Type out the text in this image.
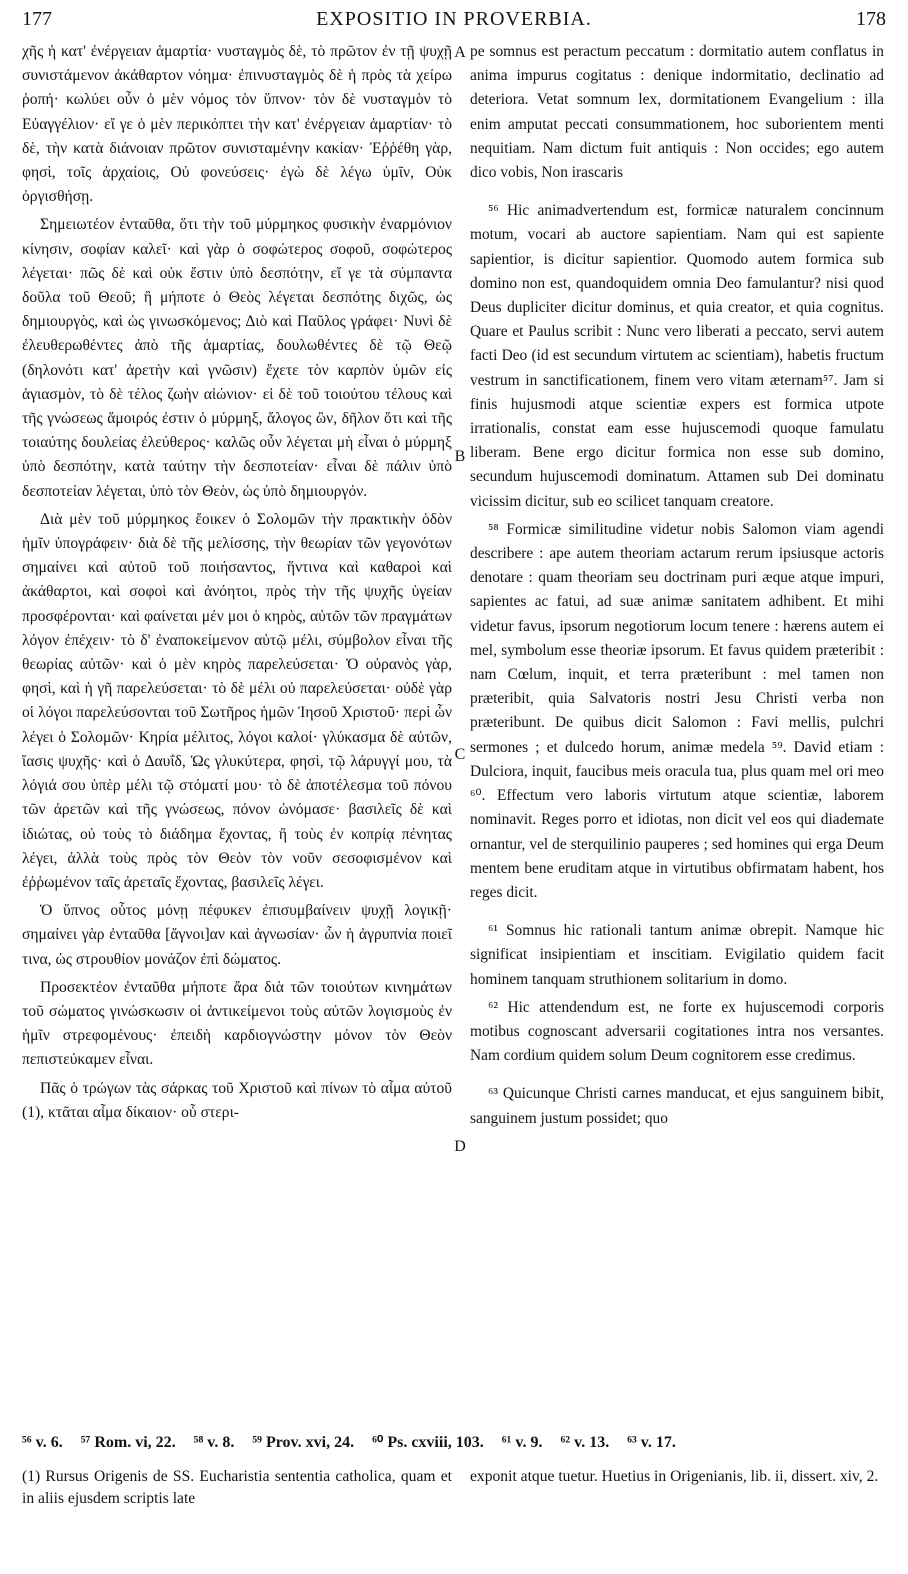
177	EXPOSITIO IN PROVERBIA.	178

χῆς ἡ κατ' ἐνέργειαν ἁμαρτία· νυσταγμὸς δὲ, τὸ πρῶτον ἐν τῇ ψυχῇ συνιστάμενον ἀκάθαρτον νόημα· ἐπινυσταγμὸς δὲ ἡ πρὸς τὰ χείρω ῥοπή· κωλύει οὖν ὁ μὲν νόμος τὸν ὕπνον· τὸν δὲ νυσταγμὸν τὸ Εὐαγγέλιον· εἴ γε ὁ μὲν περικόπτει τὴν κατ' ἐνέργειαν ἁμαρτίαν· τὸ δὲ, τὴν κατὰ διάνοιαν πρῶτον συνισταμένην κακίαν· Ἐῤῥέθη γὰρ, φησὶ, τοῖς ἀρχαίοις, Οὐ φονεύσεις· ἐγὼ δὲ λέγω ὑμῖν, Οὐκ ὀργισθήσῃ.

Σημειωτέον ἐνταῦθα, ὅτι τὴν τοῦ μύρμηκος φυσικὴν ἐναρμόνιον κίνησιν, σοφίαν καλεῖ· καὶ γὰρ ὁ σοφώτερος σοφοῦ, σοφώτερος λέγεται· πῶς δὲ καὶ οὐκ ἔστιν ὑπὸ δεσπότην, εἴ γε τὰ σύμπαντα δοῦλα τοῦ Θεοῦ; ἢ μήποτε ὁ Θεὸς λέγεται δεσπότης διχῶς, ὡς δημιουργὸς, καὶ ὡς γινωσκόμενος; Διὸ καὶ Παῦλος γράφει· Νυνὶ δὲ ἐλευθερωθέντες ἀπὸ τῆς ἁμαρτίας, δουλωθέντες δὲ τῷ Θεῷ (δηλονότι κατ' ἀρετὴν καὶ γνῶσιν) ἔχετε τὸν καρπὸν ὑμῶν εἰς ἁγιασμὸν, τὸ δὲ τέλος ζωὴν αἰώνιον· εἰ δὲ τοῦ τοιούτου τέλους καὶ τῆς γνώσεως ἄμοιρός ἐστιν ὁ μύρμηξ, ἄλογος ὢν, δῆλον ὅτι καὶ τῆς τοιαύτης δουλείας ἐλεύθερος· καλῶς οὖν λέγεται μὴ εἶναι ὁ μύρμηξ ὑπὸ δεσπότην, κατὰ ταύτην τὴν δεσποτείαν· εἶναι δὲ πάλιν ὑπὸ δεσποτείαν λέγεται, ὑπὸ τὸν Θεὸν, ὡς ὑπὸ δημιουργόν.

Διὰ μὲν τοῦ μύρμηκος ἔοικεν ὁ Σολομῶν τὴν πρακτικὴν ὁδὸν ἡμῖν ὑπογράφειν· διὰ δὲ τῆς μελίσσης, τὴν θεωρίαν τῶν γεγονότων σημαίνει καὶ αὐτοῦ τοῦ ποιήσαντος, ἥντινα καὶ καθαροὶ καὶ ἀκάθαρτοι, καὶ σοφοὶ καὶ ἀνόητοι, πρὸς τὴν τῆς ψυχῆς ὑγείαν προσφέρονται· καὶ φαίνεται μέν μοι ὁ κηρὸς, αὐτῶν τῶν πραγμάτων λόγον ἐπέχειν· τὸ δ' ἐναποκείμενον αὐτῷ μέλι, σύμβολον εἶναι τῆς θεωρίας αὐτῶν· καὶ ὁ μὲν κηρὸς παρελεύσεται· Ὁ οὐρανὸς γὰρ, φησὶ, καὶ ἡ γῆ παρελεύσεται· τὸ δὲ μέλι οὐ παρελεύσεται· οὐδὲ γὰρ οἱ λόγοι παρελεύσονται τοῦ Σωτῆρος ἡμῶν Ἰησοῦ Χριστοῦ· περὶ ὧν λέγει ὁ Σολομῶν· Κηρία μέλιτος, λόγοι καλοί· γλύκασμα δὲ αὐτῶν, ἴασις ψυχῆς· καὶ ὁ Δαυΐδ, Ὡς γλυκύτερα, φησὶ, τῷ λάρυγγί μου, τὰ λόγιά σου ὑπὲρ μέλι τῷ στόματί μου· τὸ δὲ ἀποτέλεσμα τοῦ πόνου τῶν ἀρετῶν καὶ τῆς γνώσεως, πόνον ὠνόμασε· βασιλεῖς δὲ καὶ ἰδιώτας, οὐ τοὺς τὸ διάδημα ἔχοντας, ἢ τοὺς ἐν κοπρίᾳ πένητας λέγει, ἀλλὰ τοὺς πρὸς τὸν Θεὸν τὸν νοῦν σεσοφισμένον καὶ ἐῤῥωμένον ταῖς ἀρεταῖς ἔχοντας, βασιλεῖς λέγει.

Ὁ ὕπνος οὗτος μόνῃ πέφυκεν ἐπισυμβαίνειν ψυχῇ λογικῇ· σημαίνει γὰρ ἐνταῦθα [ἄγνοι]αν καὶ ἀγνωσίαν· ὧν ἡ ἀγρυπνία ποιεῖ τινα, ὡς στρουθίον μονάζον ἐπὶ δώματος.

Προσεκτέον ἐνταῦθα μήποτε ἄρα διὰ τῶν τοιούτων κινημάτων τοῦ σώματος γινώσκωσιν οἱ ἀντικείμενοι τοὺς αὐτῶν λογισμοὺς ἐν ἡμῖν στρεφομένους· ἐπειδὴ καρδιογνώστην μόνον τὸν Θεὸν πεπιστεύκαμεν εἶναι.

Πᾶς ὁ τρώγων τὰς σάρκας τοῦ Χριστοῦ καὶ πίνων τὸ αἷμα αὐτοῦ (1), κτᾶται αἷμα δίκαιον· οὗ στερι-

A
B
C
D

pe somnus est peractum peccatum : dormitatio autem conflatus in anima impurus cogitatus : denique indormitatio, declinatio ad deteriora. Vetat somnum lex, dormitationem Evangelium : illa enim amputat peccati consummationem, hoc suborientem menti nequitiam. Nam dictum fuit antiquis : Non occides; ego autem dico vobis, Non irascaris

⁵⁶ Hic animadvertendum est, formicæ naturalem concinnum motum, vocari ab auctore sapientiam. Nam qui est sapiente sapientior, is dicitur sapientior. Quomodo autem formica sub domino non est, quandoquidem omnia Deo famulantur? nisi quod Deus dupliciter dicitur dominus, et quia creator, et quia cognitus. Quare et Paulus scribit : Nunc vero liberati a peccato, servi autem facti Deo (id est secundum virtutem ac scientiam), habetis fructum vestrum in sanctificationem, finem vero vitam æternam⁵⁷. Jam si finis hujusmodi atque scientiæ expers est formica utpote irrationalis, constat eam esse hujuscemodi quoque famulatu liberam. Bene ergo dicitur formica non esse sub domino, secundum hujuscemodi dominatum. Attamen sub Dei dominatu vicissim dicitur, sub eo scilicet tanquam creatore.

⁵⁸ Formicæ similitudine videtur nobis Salomon viam agendi describere : ape autem theoriam actarum rerum ipsiusque actoris denotare : quam theoriam seu doctrinam puri æque atque impuri, sapientes ac fatui, ad suæ animæ sanitatem adhibent. Et mihi videtur favus, ipsorum negotiorum locum tenere : hærens autem ei mel, symbolum esse theoriæ ipsorum. Et favus quidem præteribit : nam Cœlum, inquit, et terra præteribunt : mel tamen non præteribit, quia Salvatoris nostri Jesu Christi verba non præteribunt. De quibus dicit Salomon : Favi mellis, pulchri sermones ; et dulcedo horum, animæ medela ⁵⁹. David etiam : Dulciora, inquit, faucibus meis oracula tua, plus quam mel ori meo ⁶⁰. Effectum vero laboris virtutum atque scientiæ, laborem nominavit. Reges porro et idiotas, non dicit vel eos qui diademate ornantur, vel de sterquilinio pauperes ; sed homines qui erga Deum mentem bene eruditam atque in virtutibus obfirmatam habent, hos reges dicit.

⁶¹ Somnus hic rationali tantum animæ obrepit. Namque hic significat insipientiam et inscitiam. Evigilatio quidem facit hominem tanquam struthionem solitarium in domo.

⁶² Hic attendendum est, ne forte ex hujuscemodi corporis motibus cognoscant adversarii cogitationes intra nos versantes. Nam cordium quidem solum Deum cognitorem esse credimus.

⁶³ Quicunque Christi carnes manducat, et ejus sanguinem bibit, sanguinem justum possidet; quo

⁵⁶ v. 6. ⁵⁷ Rom. vi, 22. ⁵⁸ v. 8. ⁵⁹ Prov. xvi, 24. ⁶⁰ Ps. cxviii, 103. ⁶¹ v. 9. ⁶² v. 13. ⁶³ v. 17.
(1) Rursus Origenis de SS. Eucharistia sententia catholica, quam et in aliis ejusdem scriptis late
exponit atque tuetur. Huetius in Origenianis, lib. ii, dissert. xiv, 2.
